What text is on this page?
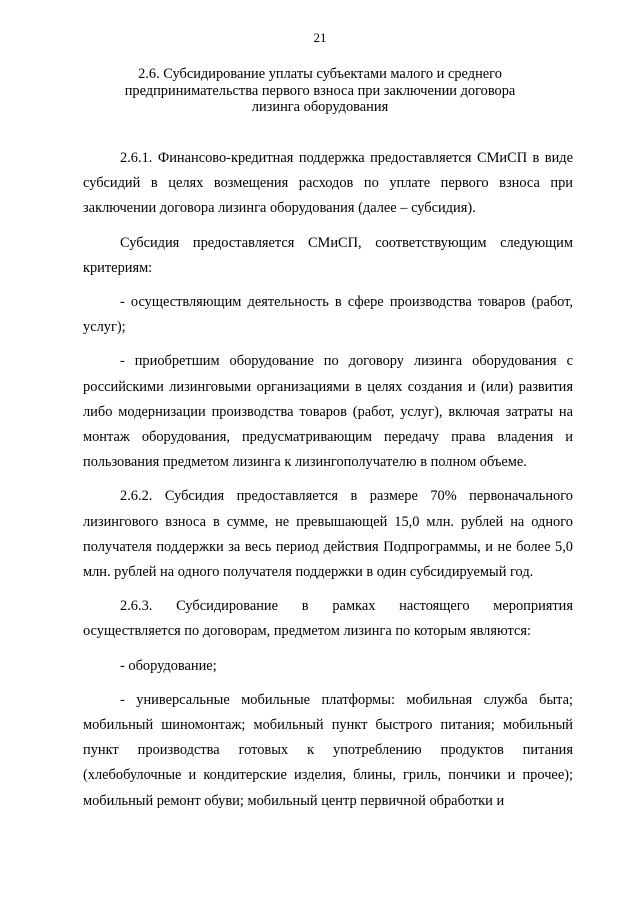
21
2.6. Субсидирование уплаты субъектами малого и среднего предпринимательства первого взноса при заключении договора лизинга оборудования

2.6.1. Финансово-кредитная поддержка предоставляется СМиСП в виде субсидий в целях возмещения расходов по уплате первого взноса при заключении договора лизинга оборудования (далее – субсидия).

Субсидия предоставляется СМиСП, соответствующим следующим критериям:

- осуществляющим деятельность в сфере производства товаров (работ, услуг);

- приобретшим оборудование по договору лизинга оборудования с российскими лизинговыми организациями в целях создания и (или) развития либо модернизации производства товаров (работ, услуг), включая затраты на монтаж оборудования, предусматривающим передачу права владения и пользования предметом лизинга к лизингополучателю в полном объеме.

2.6.2. Субсидия предоставляется в размере 70% первоначального лизингового взноса в сумме, не превышающей 15,0 млн. рублей на одного получателя поддержки за весь период действия Подпрограммы, и не более 5,0 млн. рублей на одного получателя поддержки в один субсидируемый год.

2.6.3. Субсидирование в рамках настоящего мероприятия осуществляется по договорам, предметом лизинга по которым являются:

- оборудование;

- универсальные мобильные платформы: мобильная служба быта; мобильный шиномонтаж; мобильный пункт быстрого питания; мобильный пункт производства готовых к употреблению продуктов питания (хлебобулочные и кондитерские изделия, блины, гриль, пончики и прочее); мобильный ремонт обуви; мобильный центр первичной обработки и
